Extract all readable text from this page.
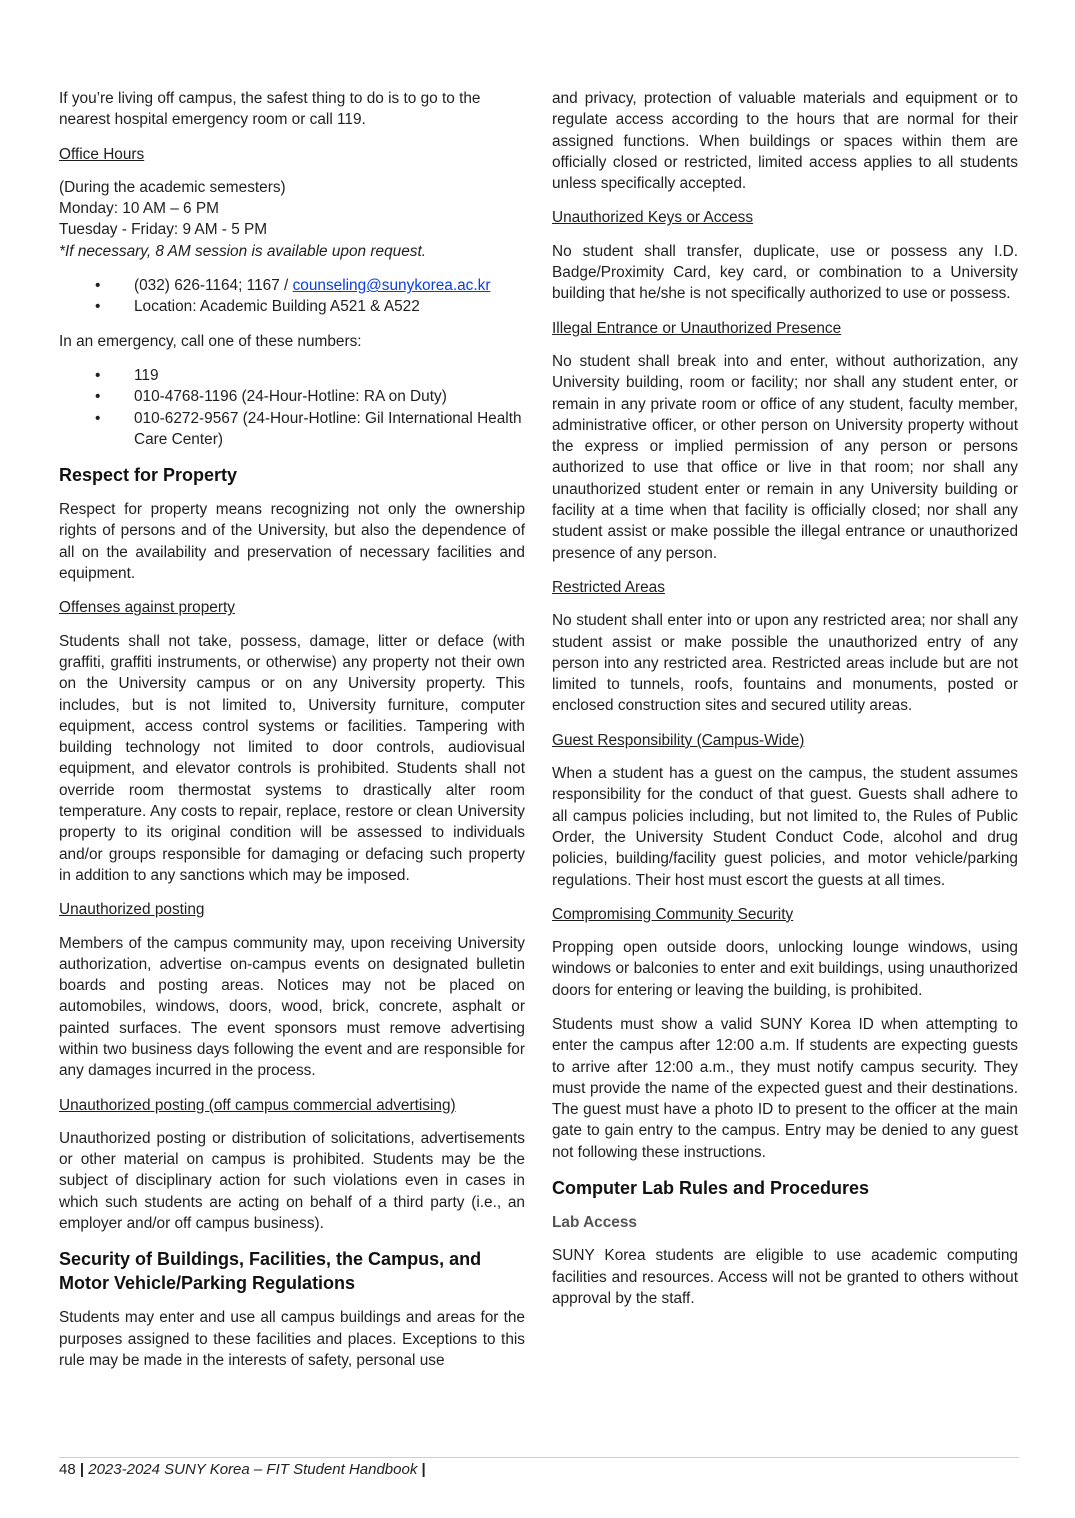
If you’re living off campus, the safest thing to do is to go to the nearest hospital emergency room or call 119.

Office Hours

(During the academic semesters)
Monday: 10 AM – 6 PM
Tuesday - Friday: 9 AM - 5 PM
*If necessary, 8 AM session is available upon request.

• (032) 626-1164; 1167 / counseling@sunykorea.ac.kr
• Location: Academic Building A521 & A522

In an emergency, call one of these numbers:

• 119
• 010-4768-1196 (24-Hour-Hotline: RA on Duty)
• 010-6272-9567 (24-Hour-Hotline: Gil International Health Care Center)
Respect for Property

Respect for property means recognizing not only the ownership rights of persons and of the University, but also the dependence of all on the availability and preservation of necessary facilities and equipment.

Offenses against property

Students shall not take, possess, damage, litter or deface (with graffiti, graffiti instruments, or otherwise) any property not their own on the University campus or on any University property. This includes, but is not limited to, University furniture, computer equipment, access control systems or facilities. Tampering with building technology not limited to door controls, audiovisual equipment, and elevator controls is prohibited. Students shall not override room thermostat systems to drastically alter room temperature. Any costs to repair, replace, restore or clean University property to its original condition will be assessed to individuals and/or groups responsible for damaging or defacing such property in addition to any sanctions which may be imposed.

Unauthorized posting

Members of the campus community may, upon receiving University authorization, advertise on-campus events on designated bulletin boards and posting areas. Notices may not be placed on automobiles, windows, doors, wood, brick, concrete, asphalt or painted surfaces. The event sponsors must remove advertising within two business days following the event and are responsible for any damages incurred in the process.

Unauthorized posting (off campus commercial advertising)

Unauthorized posting or distribution of solicitations, advertisements or other material on campus is prohibited. Students may be the subject of disciplinary action for such violations even in cases in which such students are acting on behalf of a third party (i.e., an employer and/or off campus business).

Security of Buildings, Facilities, the Campus, and Motor Vehicle/Parking Regulations

Students may enter and use all campus buildings and areas for the purposes assigned to these facilities and places. Exceptions to this rule may be made in the interests of safety, personal use

and privacy, protection of valuable materials and equipment or to regulate access according to the hours that are normal for their assigned functions. When buildings or spaces within them are officially closed or restricted, limited access applies to all students unless specifically accepted.

Unauthorized Keys or Access

No student shall transfer, duplicate, use or possess any I.D. Badge/Proximity Card, key card, or combination to a University building that he/she is not specifically authorized to use or possess.

Illegal Entrance or Unauthorized Presence

No student shall break into and enter, without authorization, any University building, room or facility; nor shall any student enter, or remain in any private room or office of any student, faculty member, administrative officer, or other person on University property without the express or implied permission of any person or persons authorized to use that office or live in that room; nor shall any unauthorized student enter or remain in any University building or facility at a time when that facility is officially closed; nor shall any student assist or make possible the illegal entrance or unauthorized presence of any person.

Restricted Areas

No student shall enter into or upon any restricted area; nor shall any student assist or make possible the unauthorized entry of any person into any restricted area. Restricted areas include but are not limited to tunnels, roofs, fountains and monuments, posted or enclosed construction sites and secured utility areas.

Guest Responsibility (Campus-Wide)

When a student has a guest on the campus, the student assumes responsibility for the conduct of that guest. Guests shall adhere to all campus policies including, but not limited to, the Rules of Public Order, the University Student Conduct Code, alcohol and drug policies, building/facility guest policies, and motor vehicle/parking regulations. Their host must escort the guests at all times.

Compromising Community Security

Propping open outside doors, unlocking lounge windows, using windows or balconies to enter and exit buildings, using unauthorized doors for entering or leaving the building, is prohibited.

Students must show a valid SUNY Korea ID when attempting to enter the campus after 12:00 a.m. If students are expecting guests to arrive after 12:00 a.m., they must notify campus security. They must provide the name of the expected guest and their destinations. The guest must have a photo ID to present to the officer at the main gate to gain entry to the campus. Entry may be denied to any guest not following these instructions.

Computer Lab Rules and Procedures
Lab Access

SUNY Korea students are eligible to use academic computing facilities and resources. Access will not be granted to others without approval by the staff.

48 | 2023-2024 SUNY Korea – FIT Student Handbook |
